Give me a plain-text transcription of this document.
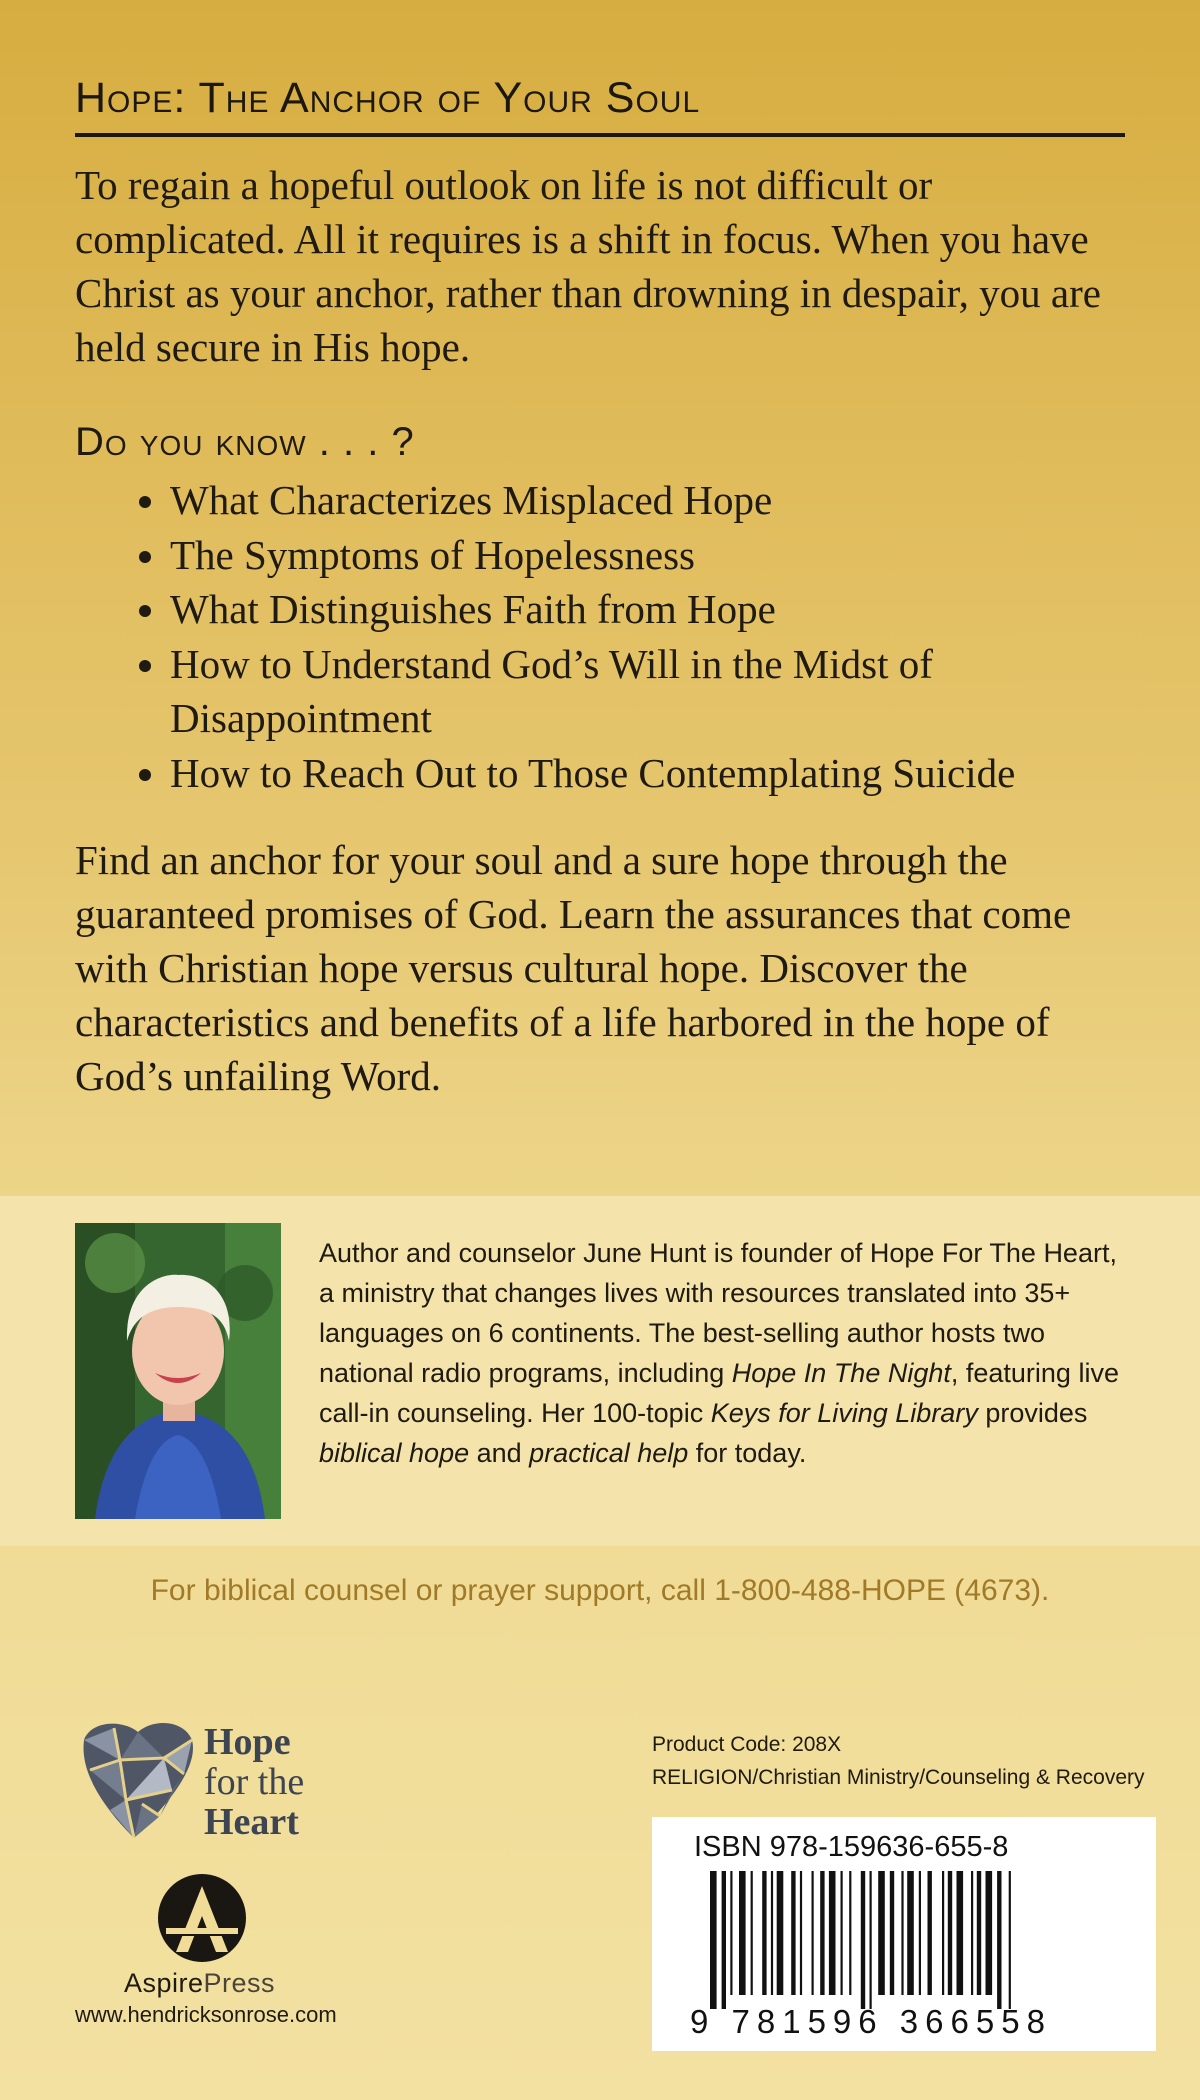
Hope: The Anchor of Your Soul

To regain a hopeful outlook on life is not difficult or complicated. All it requires is a shift in focus. When you have Christ as your anchor, rather than drowning in despair, you are held secure in His hope.

Do you know . . . ?
• What Characterizes Misplaced Hope
• The Symptoms of Hopelessness
• What Distinguishes Faith from Hope
• How to Understand God’s Will in the Midst of Disappointment
• How to Reach Out to Those Contemplating Suicide

Find an anchor for your soul and a sure hope through the guaranteed promises of God. Learn the assurances that come with Christian hope versus cultural hope. Discover the characteristics and benefits of a life harbored in the hope of God’s unfailing Word.

Author and counselor June Hunt is founder of Hope For The Heart, a ministry that changes lives with resources translated into 35+ languages on 6 continents. The best-selling author hosts two national radio programs, including Hope In The Night, featuring live call-in counseling. Her 100-topic Keys for Living Library provides biblical hope and practical help for today.

For biblical counsel or prayer support, call 1-800-488-HOPE (4673).
Hope
for the
Heart
AspirePress
www.hendricksonrose.com
Product Code: 208X
RELIGION/Christian Ministry/Counseling & Recovery
ISBN 978-159636-655-8
9 781596 366558
